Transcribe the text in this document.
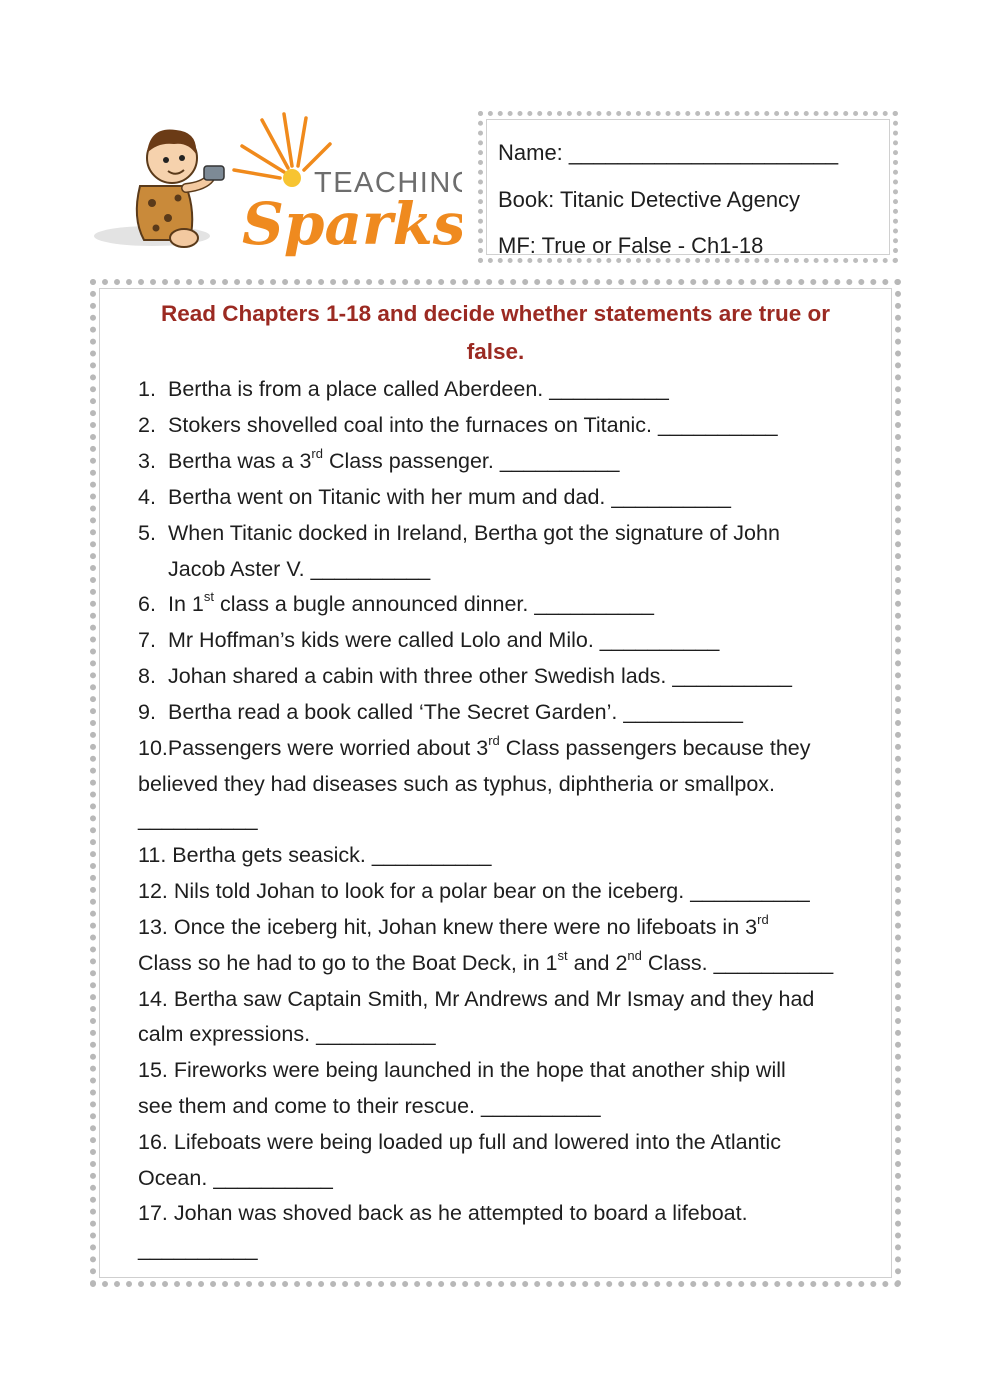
TEACHING
Sparks
Name: ______________________
Book: Titanic Detective Agency
MF: True or False - Ch1-18
Read Chapters 1-18 and decide whether statements are true or false.
1. Bertha is from a place called Aberdeen. __________
2. Stokers shovelled coal into the furnaces on Titanic. __________
3. Bertha was a 3rd Class passenger. __________
4. Bertha went on Titanic with her mum and dad. __________
5. When Titanic docked in Ireland, Bertha got the signature of John
Jacob Aster V. __________
6. In 1st class a bugle announced dinner. __________
7. Mr Hoffman’s kids were called Lolo and Milo. __________
8. Johan shared a cabin with three other Swedish lads. __________
9. Bertha read a book called ‘The Secret Garden’. __________
10.Passengers were worried about 3rd Class passengers because they
believed they had diseases such as typhus, diphtheria or smallpox.
__________
11. Bertha gets seasick. __________
12. Nils told Johan to look for a polar bear on the iceberg. __________
13. Once the iceberg hit, Johan knew there were no lifeboats in 3rd
Class so he had to go to the Boat Deck, in 1st and 2nd Class. __________
14. Bertha saw Captain Smith, Mr Andrews and Mr Ismay and they had
calm expressions. __________
15. Fireworks were being launched in the hope that another ship will
see them and come to their rescue. __________
16. Lifeboats were being loaded up full and lowered into the Atlantic
Ocean. __________
17. Johan was shoved back as he attempted to board a lifeboat.
__________
